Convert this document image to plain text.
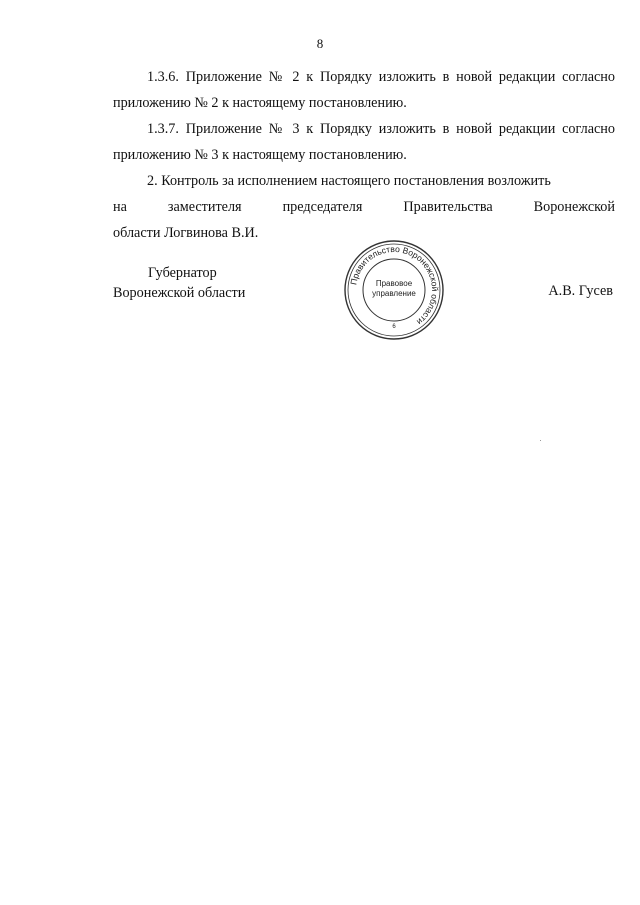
8

1.3.6. Приложение № 2 к Порядку изложить в новой редакции согласно приложению № 2 к настоящему постановлению.

1.3.7. Приложение № 3 к Порядку изложить в новой редакции согласно приложению № 3 к настоящему постановлению.

2. Контроль за исполнением настоящего постановления возложить
на	заместителя	председателя	Правительства	Воронежской
области Логвинова В.И.
Губернатор
Воронежской области
Правительство Воронежской области
Правовое
управление
6
А.В. Гусев
